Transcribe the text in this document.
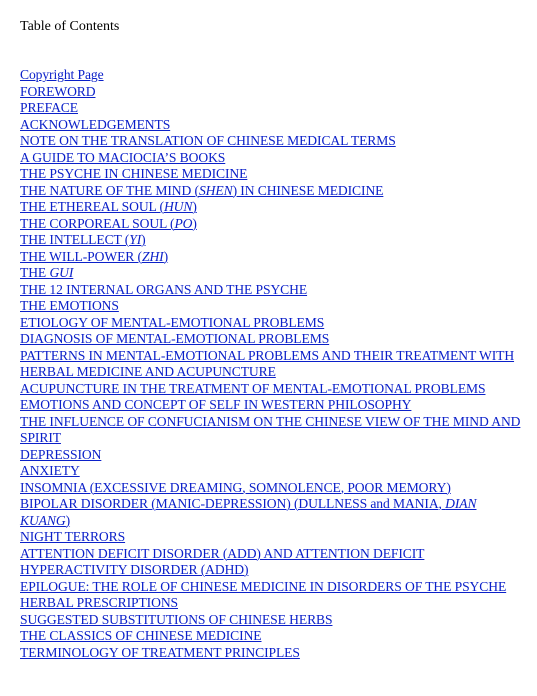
Table of Contents
Copyright Page
FOREWORD
PREFACE
ACKNOWLEDGEMENTS
NOTE ON THE TRANSLATION OF CHINESE MEDICAL TERMS
A GUIDE TO MACIOCIA’S BOOKS
THE PSYCHE IN CHINESE MEDICINE
THE NATURE OF THE MIND (SHEN) IN CHINESE MEDICINE
THE ETHEREAL SOUL (HUN)
THE CORPOREAL SOUL (PO)
THE INTELLECT (YI)
THE WILL-POWER (ZHI)
THE GUI
THE 12 INTERNAL ORGANS AND THE PSYCHE
THE EMOTIONS
ETIOLOGY OF MENTAL-EMOTIONAL PROBLEMS
DIAGNOSIS OF MENTAL-EMOTIONAL PROBLEMS
PATTERNS IN MENTAL-EMOTIONAL PROBLEMS AND THEIR TREATMENT WITH HERBAL MEDICINE AND ACUPUNCTURE
ACUPUNCTURE IN THE TREATMENT OF MENTAL-EMOTIONAL PROBLEMS
EMOTIONS AND CONCEPT OF SELF IN WESTERN PHILOSOPHY
THE INFLUENCE OF CONFUCIANISM ON THE CHINESE VIEW OF THE MIND AND SPIRIT
DEPRESSION
ANXIETY
INSOMNIA (EXCESSIVE DREAMING, SOMNOLENCE, POOR MEMORY)
BIPOLAR DISORDER (MANIC-DEPRESSION) (DULLNESS and MANIA, DIAN KUANG)
NIGHT TERRORS
ATTENTION DEFICIT DISORDER (ADD) AND ATTENTION DEFICIT HYPERACTIVITY DISORDER (ADHD)
EPILOGUE: THE ROLE OF CHINESE MEDICINE IN DISORDERS OF THE PSYCHE
HERBAL PRESCRIPTIONS
SUGGESTED SUBSTITUTIONS OF CHINESE HERBS
THE CLASSICS OF CHINESE MEDICINE
TERMINOLOGY OF TREATMENT PRINCIPLES
